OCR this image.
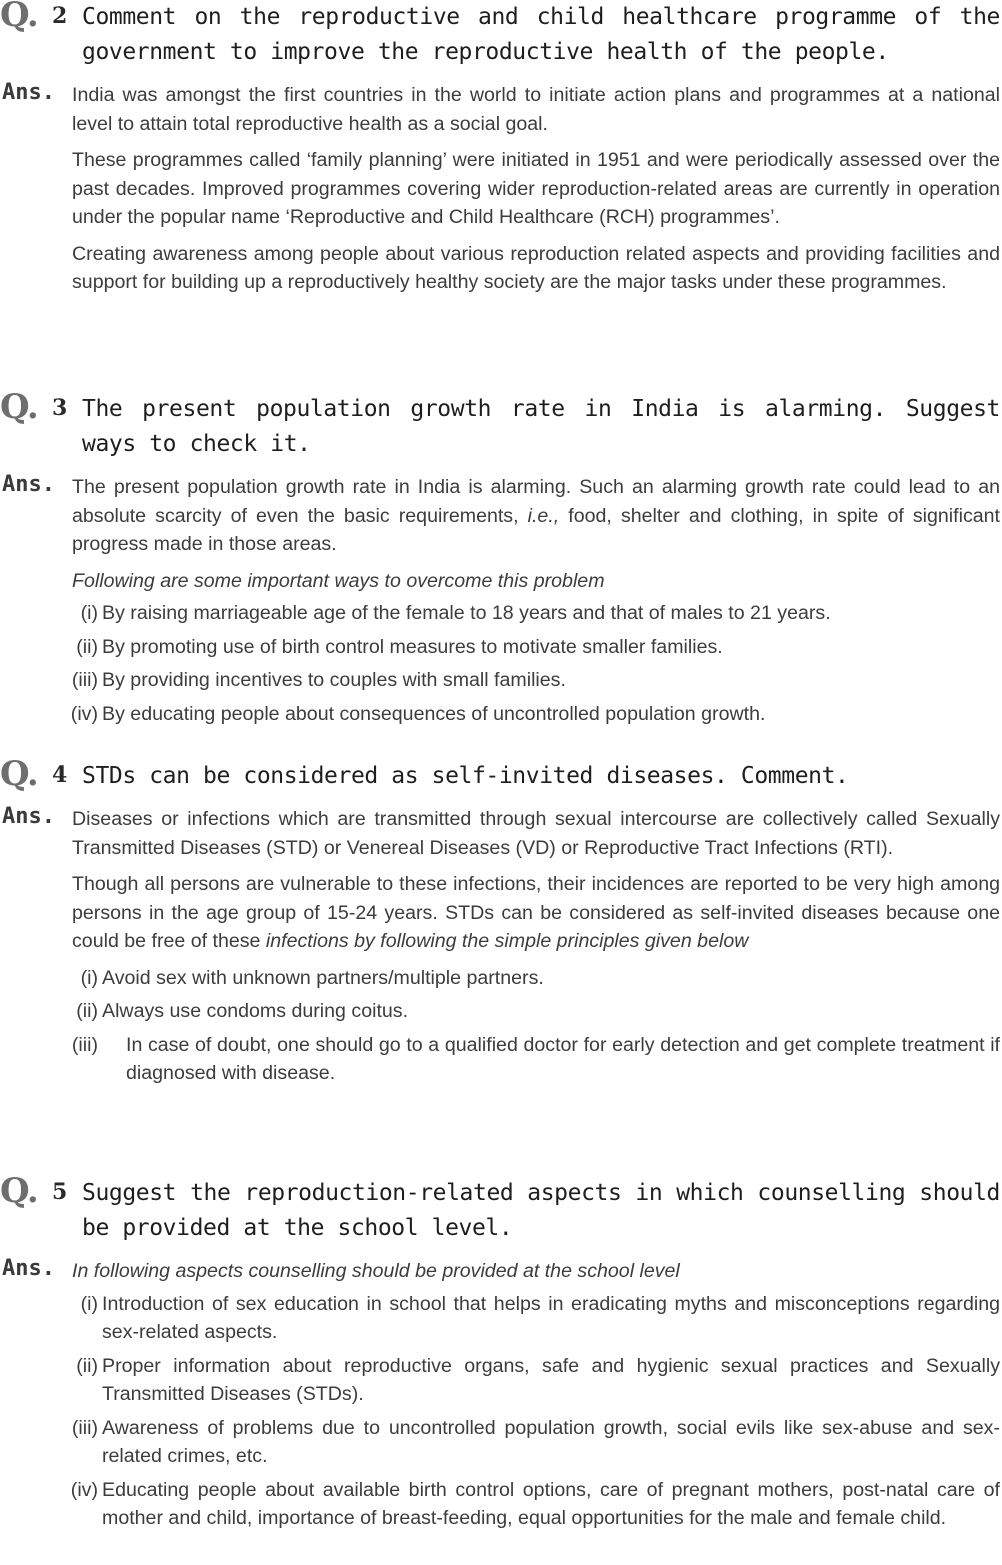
Q. 2 Comment on the reproductive and child healthcare programme of the government to improve the reproductive health of the people.
Ans. India was amongst the first countries in the world to initiate action plans and programmes at a national level to attain total reproductive health as a social goal.

These programmes called ‘family planning’ were initiated in 1951 and were periodically assessed over the past decades. Improved programmes covering wider reproduction-related areas are currently in operation under the popular name ‘Reproductive and Child Healthcare (RCH) programmes’.

Creating awareness among people about various reproduction related aspects and providing facilities and support for building up a reproductively healthy society are the major tasks under these programmes.

Q. 3 The present population growth rate in India is alarming. Suggest ways to check it.
Ans. The present population growth rate in India is alarming. Such an alarming growth rate could lead to an absolute scarcity of even the basic requirements, i.e., food, shelter and clothing, in spite of significant progress made in those areas.

Following are some important ways to overcome this problem

(i) By raising marriageable age of the female to 18 years and that of males to 21 years.
(ii) By promoting use of birth control measures to motivate smaller families.
(iii) By providing incentives to couples with small families.
(iv) By educating people about consequences of uncontrolled population growth.
Q. 4 STDs can be considered as self-invited diseases. Comment.
Ans. Diseases or infections which are transmitted through sexual intercourse are collectively called Sexually Transmitted Diseases (STD) or Venereal Diseases (VD) or Reproductive Tract Infections (RTI).

Though all persons are vulnerable to these infections, their incidences are reported to be very high among persons in the age group of 15-24 years. STDs can be considered as self-invited diseases because one could be free of these infections by following the simple principles given below

(i) Avoid sex with unknown partners/multiple partners.
(ii) Always use condoms during coitus.
(iii) In case of doubt, one should go to a qualified doctor for early detection and get complete treatment if diagnosed with disease.
Q. 5 Suggest the reproduction-related aspects in which counselling should be provided at the school level.
Ans. In following aspects counselling should be provided at the school level

(i) Introduction of sex education in school that helps in eradicating myths and misconceptions regarding sex-related aspects.
(ii) Proper information about reproductive organs, safe and hygienic sexual practices and Sexually Transmitted Diseases (STDs).
(iii) Awareness of problems due to uncontrolled population growth, social evils like sex-abuse and sex-related crimes, etc.
(iv) Educating people about available birth control options, care of pregnant mothers, post-natal care of mother and child, importance of breast-feeding, equal opportunities for the male and female child.
